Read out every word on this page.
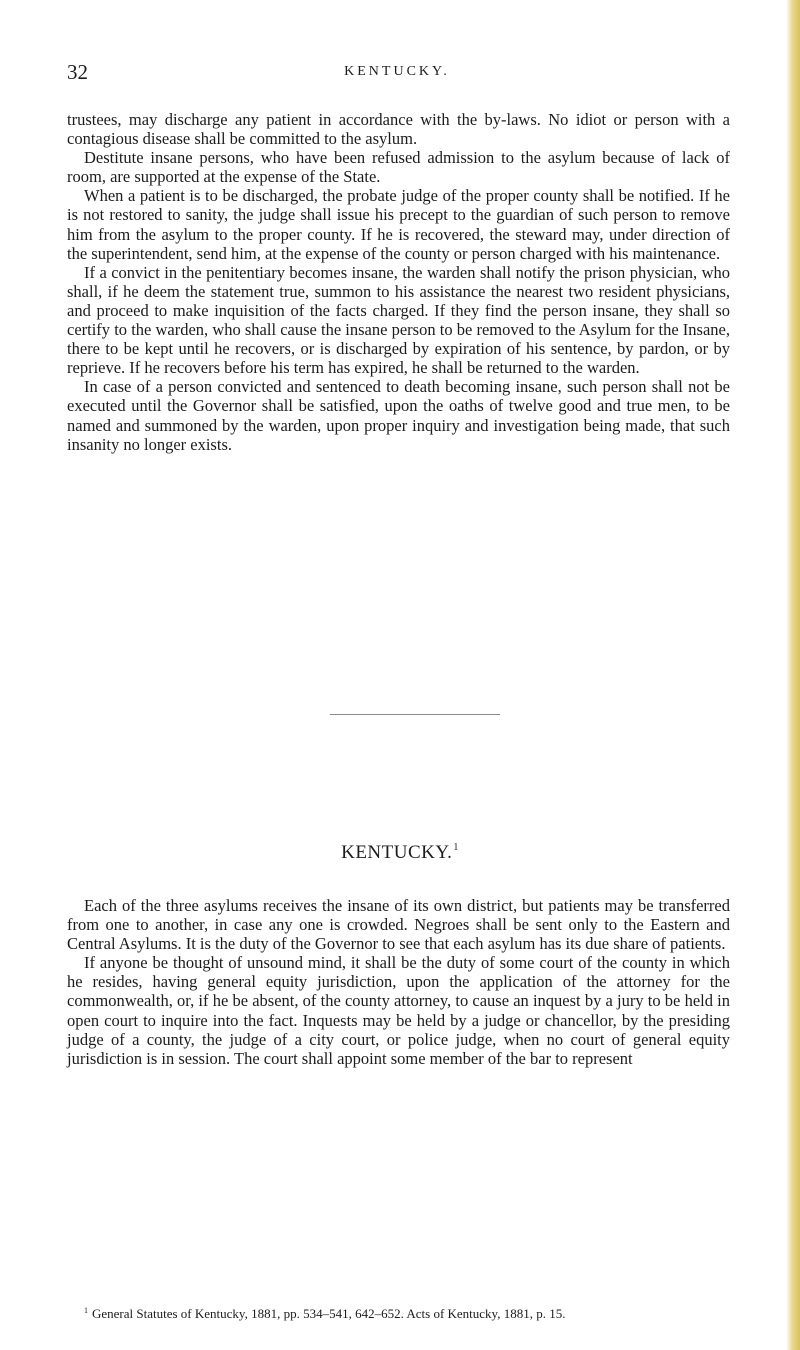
32	KENTUCKY.

trustees, may discharge any patient in accordance with the by-laws. No idiot or person with a contagious disease shall be committed to the asylum.

Destitute insane persons, who have been refused admission to the asylum because of lack of room, are supported at the expense of the State.

When a patient is to be discharged, the probate judge of the proper county shall be notified. If he is not restored to sanity, the judge shall issue his precept to the guardian of such person to remove him from the asylum to the proper county. If he is recovered, the steward may, under direction of the superintendent, send him, at the expense of the county or person charged with his maintenance.

If a convict in the penitentiary becomes insane, the warden shall notify the prison physician, who shall, if he deem the statement true, summon to his assistance the nearest two resident physicians, and proceed to make inquisition of the facts charged. If they find the person insane, they shall so certify to the warden, who shall cause the insane person to be removed to the Asylum for the Insane, there to be kept until he recovers, or is discharged by expiration of his sentence, by pardon, or by reprieve. If he recovers before his term has expired, he shall be returned to the warden.

In case of a person convicted and sentenced to death becoming insane, such person shall not be executed until the Governor shall be satisfied, upon the oaths of twelve good and true men, to be named and summoned by the warden, upon proper inquiry and investigation being made, that such insanity no longer exists.

KENTUCKY.$^1$

Each of the three asylums receives the insane of its own district, but patients may be transferred from one to another, in case any one is crowded. Negroes shall be sent only to the Eastern and Central Asylums. It is the duty of the Governor to see that each asylum has its due share of patients.

If anyone be thought of unsound mind, it shall be the duty of some court of the county in which he resides, having general equity jurisdiction, upon the application of the attorney for the commonwealth, or, if he be absent, of the county attorney, to cause an inquest by a jury to be held in open court to inquire into the fact. Inquests may be held by a judge or chancellor, by the presiding judge of a county, the judge of a city court, or police judge, when no court of general equity jurisdiction is in session. The court shall appoint some member of the bar to represent

$^1$ General Statutes of Kentucky, 1881, pp. 534–541, 642–652. Acts of Kentucky, 1881, p. 15.
